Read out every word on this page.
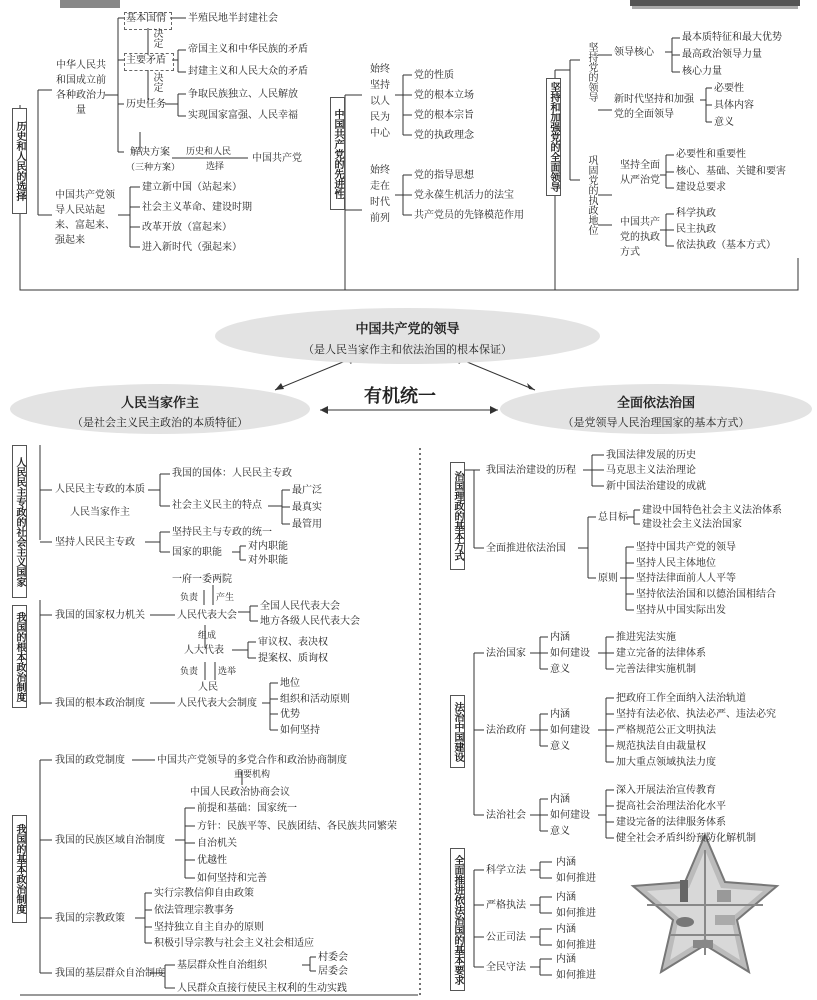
历史和人民的选择
中华人民共和国成立前各种政治力量
基本国情 半殖民地半封建社会
决定
主要矛盾
帝国主义和中华民族的矛盾
封建主义和人民大众的矛盾
决定
历史任务
争取民族独立、人民解放
实现国家富强、人民幸福
解决方案
（三种方案）
历史和人民
选择
中国共产党
中国共产党领导人民站起来、富起来、强起来
建立新中国（站起来）
社会主义革命、建设时期
改革开放（富起来）
进入新时代（强起来）
中国共产党的先进性
始终坚持以人民为中心
党的性质
党的根本立场
党的根本宗旨
党的执政理念
始终走在时代前列
党的指导思想
党永葆生机活力的法宝
共产党员的先锋模范作用
坚持和加强党的全面领导
坚持党的领导 领导核心
最本质特征和最大优势
最高政治领导力量
核心力量
新时代坚持和加强党的全面领导
必要性
具体内容
意义
巩固党的执政地位 坚持全面从严治党
必要性和重要性
核心、基础、关键和要害
建设总要求
中国共产党的执政方式
科学执政
民主执政
依法执政（基本方式）
中国共产党的领导
（是人民当家作主和依法治国的根本保证）
有机统一
人民当家作主
（是社会主义民主政治的本质特征）
全面依法治国
（是党领导人民治理国家的基本方式）
人民民主专政的社会主义国家	人民民主专政的本质
人民当家作主
我国的国体：人民民主专政
社会主义民主的特点
最广泛
最真实
最管用
坚持人民民主专政
坚持民主与专政的统一
国家的职能
对内职能
对外职能
我国的根本政治制度
一府一委两院
负责 产生
我国的国家权力机关	人民代表大会
全国人民代表大会
地方各级人民代表大会
组成
人大代表
审议权、表决权
提案权、质询权
负责 选举
人民
我国的根本政治制度	人民代表大会制度
地位
组织和活动原则
优势
如何坚持
我国的基本政治制度
我国的政党制度	中国共产党领导的多党合作和政治协商制度
重要机构
中国人民政治协商会议
我国的民族区域自治制度
前提和基础：国家统一
方针：民族平等、民族团结、各民族共同繁荣
自治机关
优越性
如何坚持和完善
我国的宗教政策
实行宗教信仰自由政策
依法管理宗教事务
坚持独立自主自办的原则
积极引导宗教与社会主义社会相适应
我国的基层群众自治制度
基层群众性自治组织
村委会
居委会
人民群众直接行使民主权利的生动实践
治国理政的基本方式
我国法治建设的历程
我国法律发展的历史
马克思主义法治理论
新中国法治建设的成就
全面推进依法治国
总目标
建设中国特色社会主义法治体系
建设社会主义法治国家
原则
坚持中国共产党的领导
坚持人民主体地位
坚持法律面前人人平等
坚持依法治国和以德治国相结合
坚持从中国实际出发
法治中国建设
法治国家
内涵
如何建设
意义
推进宪法实施
建立完备的法律体系
完善法律实施机制
法治政府
内涵
如何建设
意义
把政府工作全面纳入法治轨道
坚持有法必依、执法必严、违法必究
严格规范公正文明执法
规范执法自由裁量权
加大重点领域执法力度
法治社会
内涵
如何建设
意义
深入开展法治宣传教育
提高社会治理法治化水平
建设完备的法律服务体系
健全社会矛盾纠纷预防化解机制
全面推进依法治国的基本要求 科学立法
内涵
如何推进
严格执法
内涵
如何推进
公正司法
内涵
如何推进
全民守法
内涵
如何推进
